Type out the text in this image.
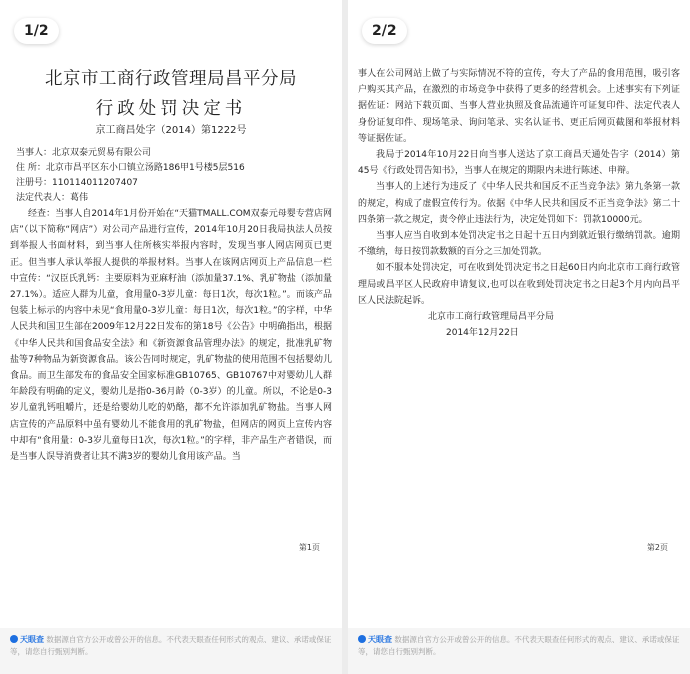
1/2
北京市工商行政管理局昌平分局
行政处罚决定书
京工商昌处字（2014）第1222号
当事人：北京双泰元贸易有限公司
住 所：北京市昌平区东小口镇立汤路186甲1号楼5层516
注册号：110114011207407
法定代表人：葛伟

经查：当事人自2014年1月份开始在“天猫TMALL.COM双泰元母婴专营店网店”（以下简称“网店”）对公司产品进行宣传，2014年10月20日我局执法人员按到举报人书面材料，到当事人住所核实举报内容时，发现当事人网店网页已更正。但当事人承认举报人提供的举报材料。当事人在该网店网页上产品信息一栏中宣传：“汉臣氏乳钙：主要原料为亚麻籽油（添加量37.1%、乳矿物盐（添加量27.1%）。适应人群为儿童，食用量0-3岁儿童：每日1次，每次1粒。”。而该产品包装上标示的内容中未见“食用量0-3岁儿童：每日1次，每次1粒。”的字样，中华人民共和国卫生部在2009年12月22日发布的第18号《公告》中明确指出，根据《中华人民共和国食品安全法》和《新资源食品管理办法》的规定，批准乳矿物盐等7种物品为新资源食品。该公告同时规定，乳矿物盐的使用范围不包括婴幼儿食品。而卫生部发布的食品安全国家标准GB10765、GB10767中对婴幼儿人群年龄段有明确的定义，婴幼儿是指0-36月龄（0-3岁）的儿童。所以，不论是0-3岁儿童乳钙咀嚼片，还是给婴幼儿吃的奶酪，都不允许添加乳矿物盐。当事人网店宣传的产品原料中虽有婴幼儿不能食用的乳矿物盐，但网店的网页上宣传内容中却有“食用量：0-3岁儿童每日1次，每次1粒。”的字样，非产品生产者错误，而是当事人误导消费者让其不满3岁的婴幼儿食用该产品。当

第1页
天眼查 数据源自官方公开或曾公开的信息。不代表天眼查任何形式的观点、建议、承诺或保证等，请您自行甄别判断。
2/2

事人在公司网站上做了与实际情况不符的宣传，夸大了产品的食用范围，吸引客户购买其产品，在激烈的市场竞争中获得了更多的经营机会。上述事实有下列证据佐证：网站下载页面、当事人营业执照及食品流通许可证复印件、法定代表人身份证复印件、现场笔录、询问笔录、实名认证书、更正后网页截图和举报材料等证据佐证。

我局于2014年10月22日向当事人送达了京工商昌天通处告字（2014）第45号《行政处罚告知书》，当事人在规定的期限内未进行陈述、申辩。

当事人的上述行为违反了《中华人民共和国反不正当竞争法》第九条第一款的规定，构成了虚假宣传行为。依据《中华人民共和国反不正当竞争法》第二十四条第一款之规定，责令停止违法行为，决定处罚如下：罚款10000元。

当事人应当自收到本处罚决定书之日起十五日内到就近银行缴纳罚款。逾期不缴纳，每日按罚款数额的百分之三加处罚款。

如不服本处罚决定，可在收到处罚决定书之日起60日内向北京市工商行政管理局或昌平区人民政府申请复议,也可以在收到处罚决定书之日起3个月内向昌平区人民法院起诉。

北京市工商行政管理局昌平分局
2014年12月22日
第2页
天眼查 数据源自官方公开或曾公开的信息。不代表天眼查任何形式的观点、建议、承诺或保证等，请您自行甄别判断。
